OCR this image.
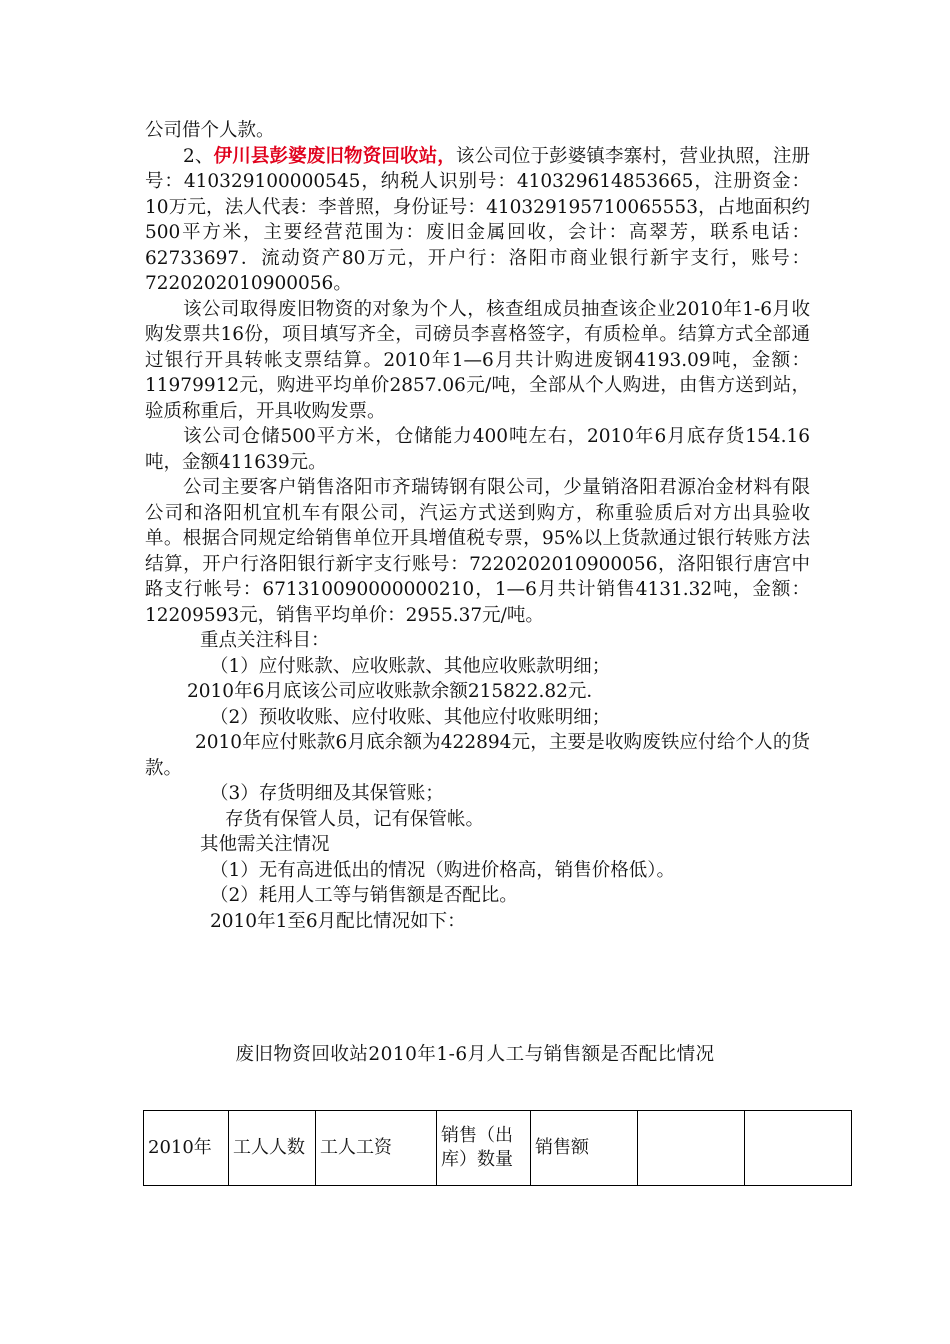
公司借个人款。

2、伊川县彭婆废旧物资回收站，该公司位于彭婆镇李寨村，营业执照，注册号：410329100000545，纳税人识别号：410329614853665，注册资金：10万元，法人代表：李普照，身份证号：410329195710065553，占地面积约500平方米，主要经营范围为：废旧金属回收，会计：高翠芳，联系电话：62733697．流动资产80万元，开户行：洛阳市商业银行新宇支行，账号：7220202010900056。

该公司取得废旧物资的对象为个人，核查组成员抽查该企业2010年1-6月收购发票共16份，项目填写齐全，司磅员李喜格签字，有质检单。结算方式全部通过银行开具转帐支票结算。2010年1—6月共计购进废钢4193.09吨，金额：11979912元，购进平均单价2857.06元/吨，全部从个人购进，由售方送到站，验质称重后，开具收购发票。

该公司仓储500平方米，仓储能力400吨左右，2010年6月底存货154.16吨，金额411639元。

公司主要客户销售洛阳市齐瑞铸钢有限公司，少量销洛阳君源冶金材料有限公司和洛阳机宜机车有限公司，汽运方式送到购方，称重验质后对方出具验收单。根据合同规定给销售单位开具增值税专票，95%以上货款通过银行转账方法结算，开户行洛阳银行新宇支行账号：7220202010900056，洛阳银行唐宫中路支行帐号：671310090000000210，1—6月共计销售4131.32吨，金额：12209593元，销售平均单价：2955.37元/吨。

重点关注科目：

（1）应付账款、应收账款、其他应收账款明细；

2010年6月底该公司应收账款余额215822.82元．

（2）预收收账、应付收账、其他应付收账明细；

2010年应付账款6月底余额为422894元，主要是收购废铁应付给个人的货款。

（3）存货明细及其保管账；

存货有保管人员，记有保管帐。

其他需关注情况

（1）无有高进低出的情况（购进价格高，销售价格低）。

（2）耗用人工等与销售额是否配比。

2010年1至6月配比情况如下：

废旧物资回收站2010年1-6月人工与销售额是否配比情况
2010年	工人人数	工人工资	销售（出库）数量	销售额		
